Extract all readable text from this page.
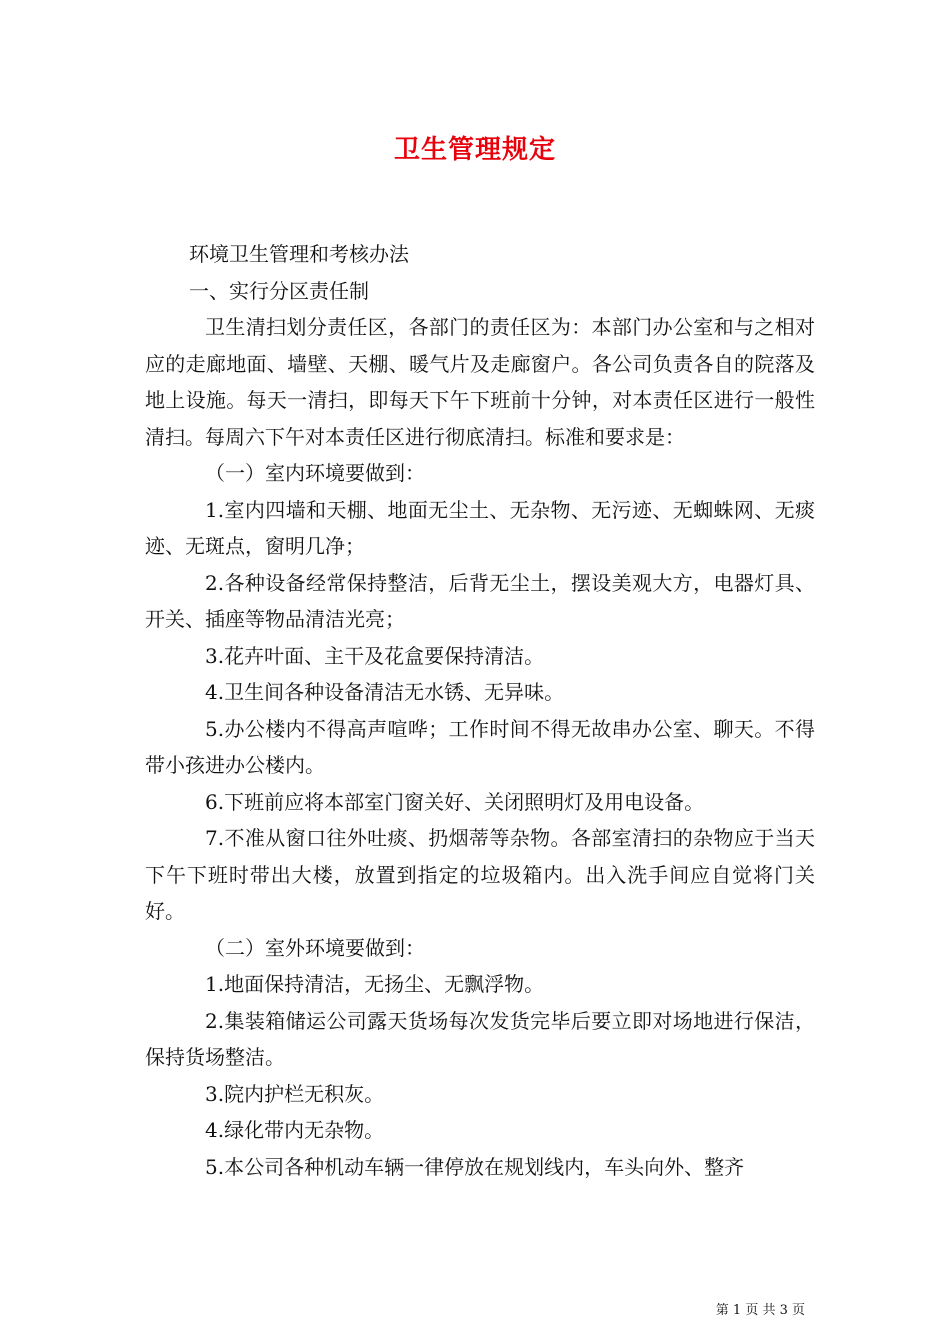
卫生管理规定

环境卫生管理和考核办法

一、实行分区责任制

卫生清扫划分责任区，各部门的责任区为：本部门办公室和与之相对应的走廊地面、墙壁、天棚、暖气片及走廊窗户。各公司负责各自的院落及地上设施。每天一清扫，即每天下午下班前十分钟，对本责任区进行一般性清扫。每周六下午对本责任区进行彻底清扫。标准和要求是：

（一）室内环境要做到：

1.室内四墙和天棚、地面无尘土、无杂物、无污迹、无蜘蛛网、无痰迹、无斑点，窗明几净；

2.各种设备经常保持整洁，后背无尘土，摆设美观大方，电器灯具、开关、插座等物品清洁光亮；

3.花卉叶面、主干及花盒要保持清洁。

4.卫生间各种设备清洁无水锈、无异味。

5.办公楼内不得高声喧哗；工作时间不得无故串办公室、聊天。不得带小孩进办公楼内。

6.下班前应将本部室门窗关好、关闭照明灯及用电设备。

7.不准从窗口往外吐痰、扔烟蒂等杂物。各部室清扫的杂物应于当天下午下班时带出大楼，放置到指定的垃圾箱内。出入洗手间应自觉将门关好。

（二）室外环境要做到：

1.地面保持清洁，无扬尘、无飘浮物。

2.集装箱储运公司露天货场每次发货完毕后要立即对场地进行保洁，保持货场整洁。

3.院内护栏无积灰。

4.绿化带内无杂物。

5.本公司各种机动车辆一律停放在规划线内，车头向外、整齐

第 1 页 共 3 页
